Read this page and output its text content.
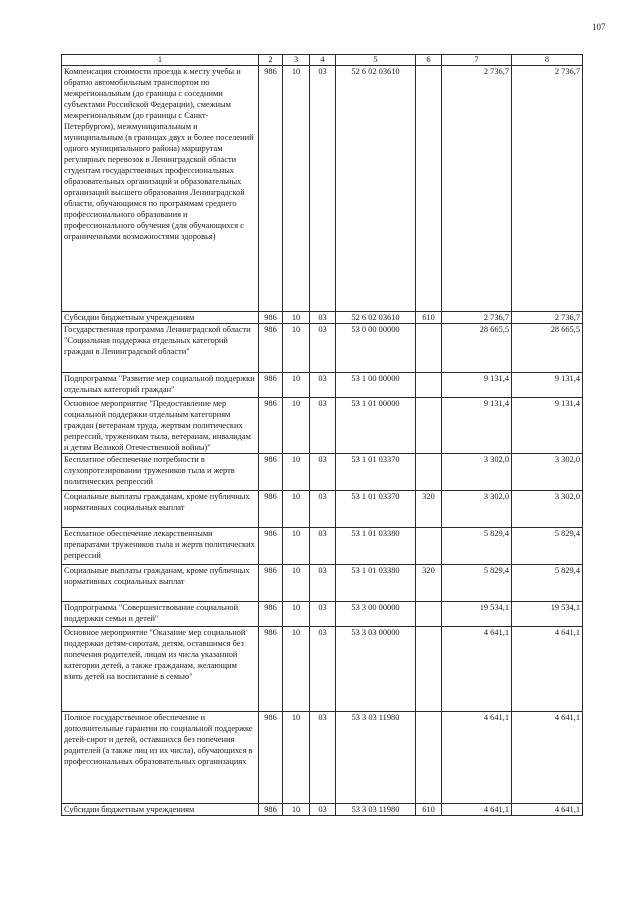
107
1	2	3	4	5	6	7	8
Компенсация стоимости проезда к месту учебы и обратно автомобильным транспортом по межрегиональным (до границы с соседними субъектами Российской Федерации), смежным межрегиональным (до границы с Санкт-Петербургом), межмуниципальным и муниципальным (в границах двух и более поселений одного муниципального района) маршрутам регулярных перевозок в Ленинградской области студентам государственных профессиональных образовательных организаций и образовательных организаций высшего образования Ленинградской области, обучающимся по программам среднего профессионального образования и профессионального обучения (для обучающихся с ограниченными возможностями здоровья)	986	10	03	52 6 02 03610		2 736,7	2 736,7
Субсидии бюджетным учреждениям	986	10	03	52 6 02 03610	610	2 736,7	2 736,7
Государственная программа Ленинградской области "Социальная поддержка отдельных категорий граждан в Ленинградской области"	986	10	03	53 0 00 00000		28 665,5	28 665,5
Подпрограмма "Развитие мер социальной поддержки отдельных категорий граждан"	986	10	03	53 1 00 00000		9 131,4	9 131,4
Основное мероприятие "Предоставление мер социальной поддержки отдельным категориям граждан (ветеранам труда, жертвам политических репрессий, труженикам тыла, ветеранам, инвалидам и детям Великой Отечественной войны)"	986	10	03	53 1 01 00000		9 131,4	9 131,4
Бесплатное обеспечение потребности в слухопротезировании тружеников тыла и жертв политических репрессий	986	10	03	53 1 01 03370		3 302,0	3 302,0
Социальные выплаты гражданам, кроме публичных нормативных социальных выплат	986	10	03	53 1 01 03370	320	3 302,0	3 302,0
Бесплатное обеспечение лекарственными препаратами тружеников тыла и жертв политических репрессий	986	10	03	53 1 01 03380		5 829,4	5 829,4
Социальные выплаты гражданам, кроме публичных нормативных социальных выплат	986	10	03	53 1 01 03380	320	5 829,4	5 829,4
Подпрограмма "Совершенствование социальной поддержки семьи и детей"	986	10	03	53 3 00 00000		19 534,1	19 534,1
Основное мероприятие "Оказание мер социальной поддержки детям-сиротам, детям, оставшимся без попечения родителей, лицам из числа указанной категории детей, а также гражданам, желающим взять детей на воспитание в семью"	986	10	03	53 3 03 00000		4 641,1	4 641,1
Полное государственное обеспечение и дополнительные гарантии по социальной поддержке детей-сирот и детей, оставшихся без попечения родителей (а также лиц из их числа), обучающихся в профессиональных образовательных организациях	986	10	03	53 3 03 11980		4 641,1	4 641,1
Субсидии бюджетным учреждениям	986	10	03	53 3 03 11980	610	4 641,1	4 641,1
